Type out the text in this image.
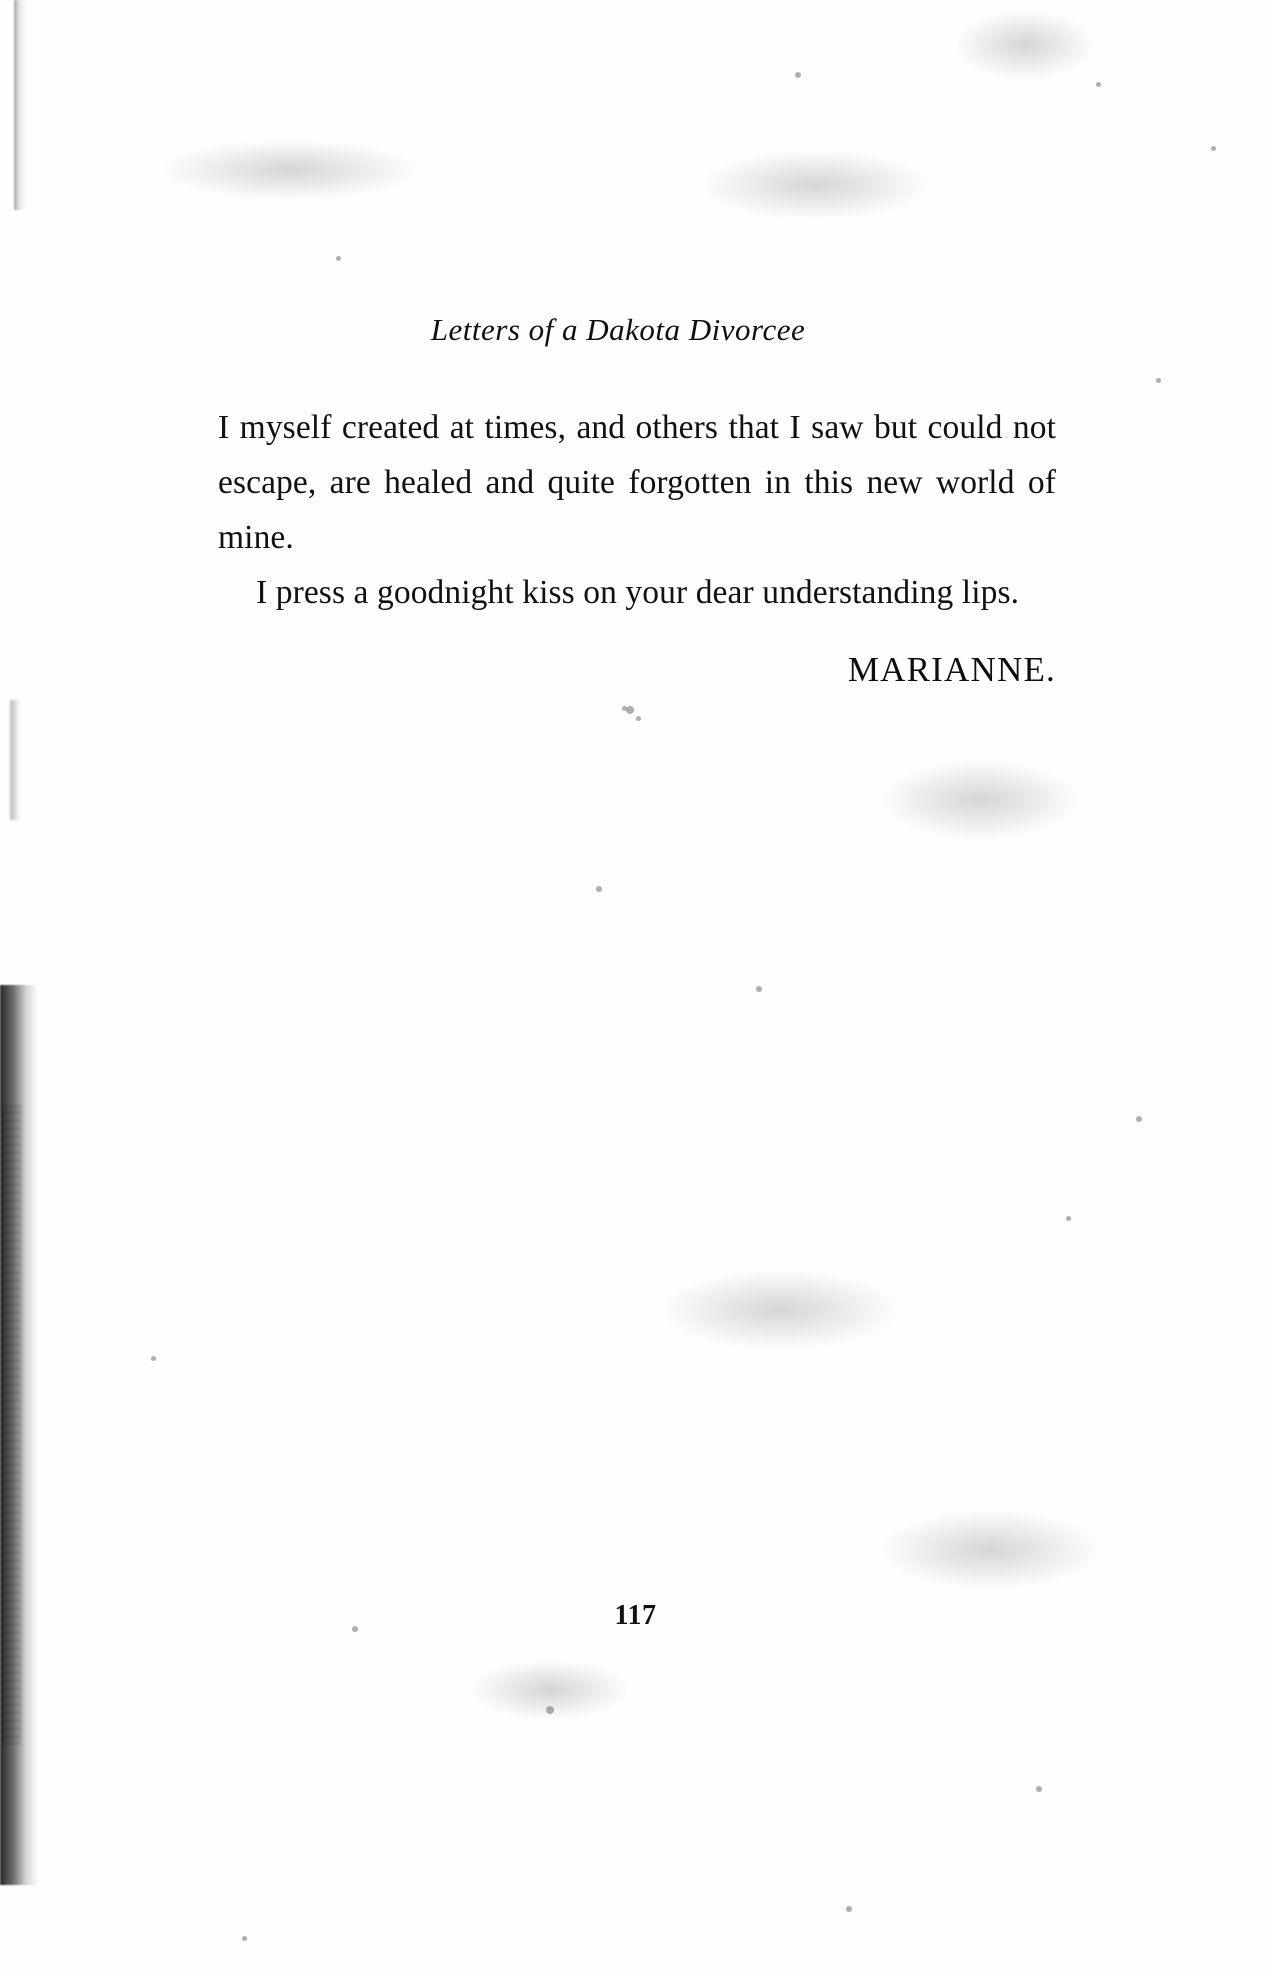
Letters of a Dakota Divorcee

I myself created at times, and others that I saw but could not escape, are healed and quite forgotten in this new world of mine.

I press a goodnight kiss on your dear understanding lips.

MARIANNE.
117
